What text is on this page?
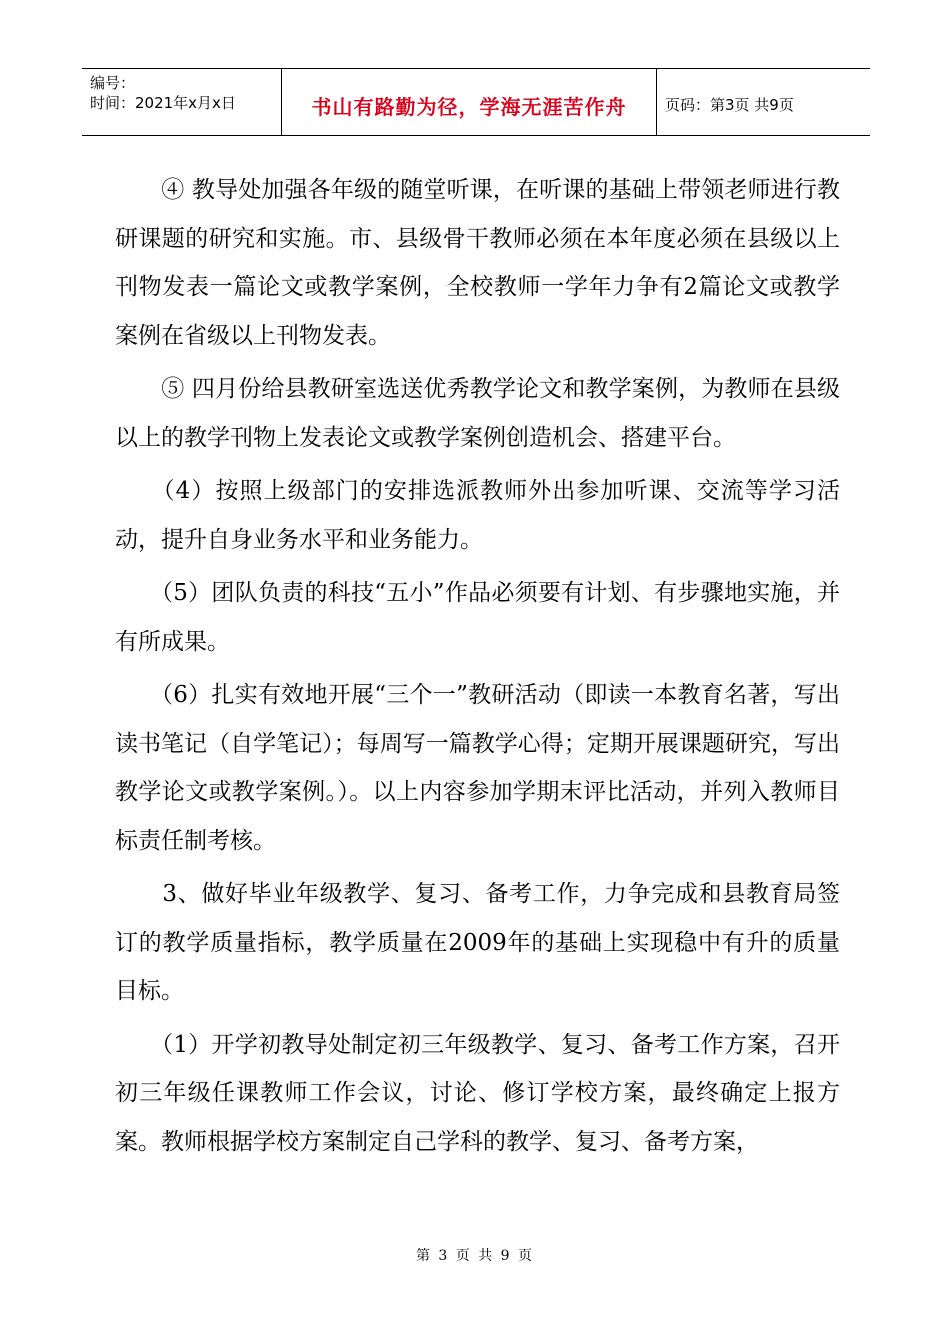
编号：
时间：2021年x月x日	书山有路勤为径，学海无涯苦作舟	页码：第3页 共9页

　　④ 教导处加强各年级的随堂听课，在听课的基础上带领老师进行教研课题的研究和实施。市、县级骨干教师必须在本年度必须在县级以上刊物发表一篇论文或教学案例，全校教师一学年力争有2篇论文或教学案例在省级以上刊物发表。

　　⑤ 四月份给县教研室选送优秀教学论文和教学案例，为教师在县级以上的教学刊物上发表论文或教学案例创造机会、搭建平台。

　　（4）按照上级部门的安排选派教师外出参加听课、交流等学习活动，提升自身业务水平和业务能力。

　　（5）团队负责的科技“五小”作品必须要有计划、有步骤地实施，并有所成果。

　　（6）扎实有效地开展“三个一”教研活动（即读一本教育名著，写出读书笔记（自学笔记）；每周写一篇教学心得；定期开展课题研究，写出教学论文或教学案例。）。以上内容参加学期末评比活动，并列入教师目标责任制考核。

　　3、做好毕业年级教学、复习、备考工作，力争完成和县教育局签订的教学质量指标，教学质量在2009年的基础上实现稳中有升的质量目标。

　　（1）开学初教导处制定初三年级教学、复习、备考工作方案，召开初三年级任课教师工作会议，讨论、修订学校方案，最终确定上报方案。教师根据学校方案制定自己学科的教学、复习、备考方案，

第 3 页 共 9 页
